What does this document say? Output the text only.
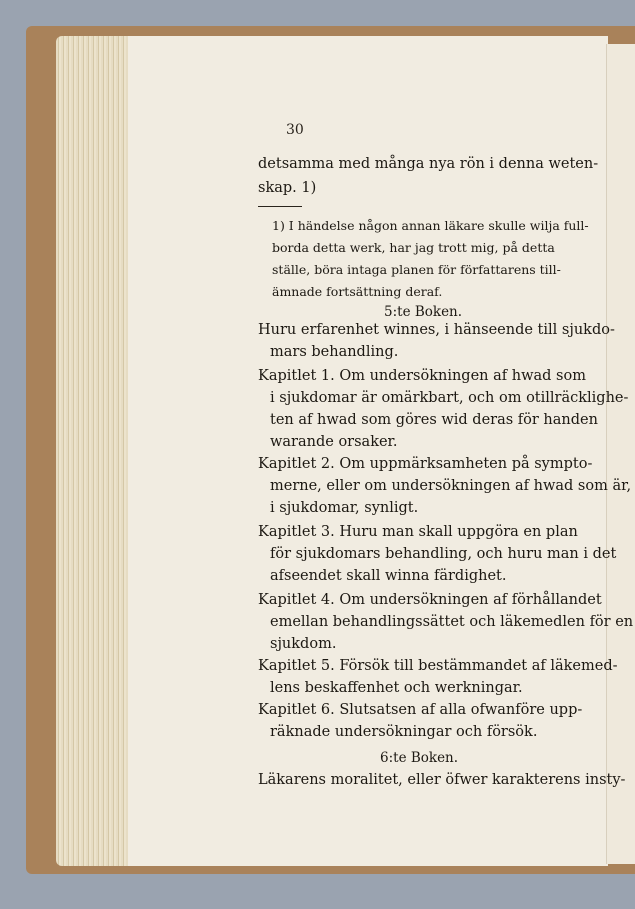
30
detsamma med många nya rön i denna weten-
skap. 1)
1) I händelse någon annan läkare skulle wilja full-
borda detta werk, har jag trott mig, på detta
ställe, böra intaga planen för författarens till-
ämnade fortsättning deraf.
5:te Boken.
Huru erfarenhet winnes, i hänseende till sjukdo-
mars behandling.
Kapitlet 1. Om undersökningen af hwad som
i sjukdomar är omärkbart, och om otillräcklighe-
ten af hwad som göres wid deras för handen
warande orsaker.
Kapitlet 2. Om uppmärksamheten på sympto-
merne, eller om undersökningen af hwad som är,
i sjukdomar, synligt.
Kapitlet 3. Huru man skall uppgöra en plan
för sjukdomars behandling, och huru man i det
afseendet skall winna färdighet.
Kapitlet 4. Om undersökningen af förhållandet
emellan behandlingssättet och läkemedlen för en
sjukdom.
Kapitlet 5. Försök till bestämmandet af läkemed-
lens beskaffenhet och werkningar.
Kapitlet 6. Slutsatsen af alla ofwanföre upp-
räknade undersökningar och försök.
6:te Boken.
Läkarens moralitet, eller öfwer karakterens insty-
